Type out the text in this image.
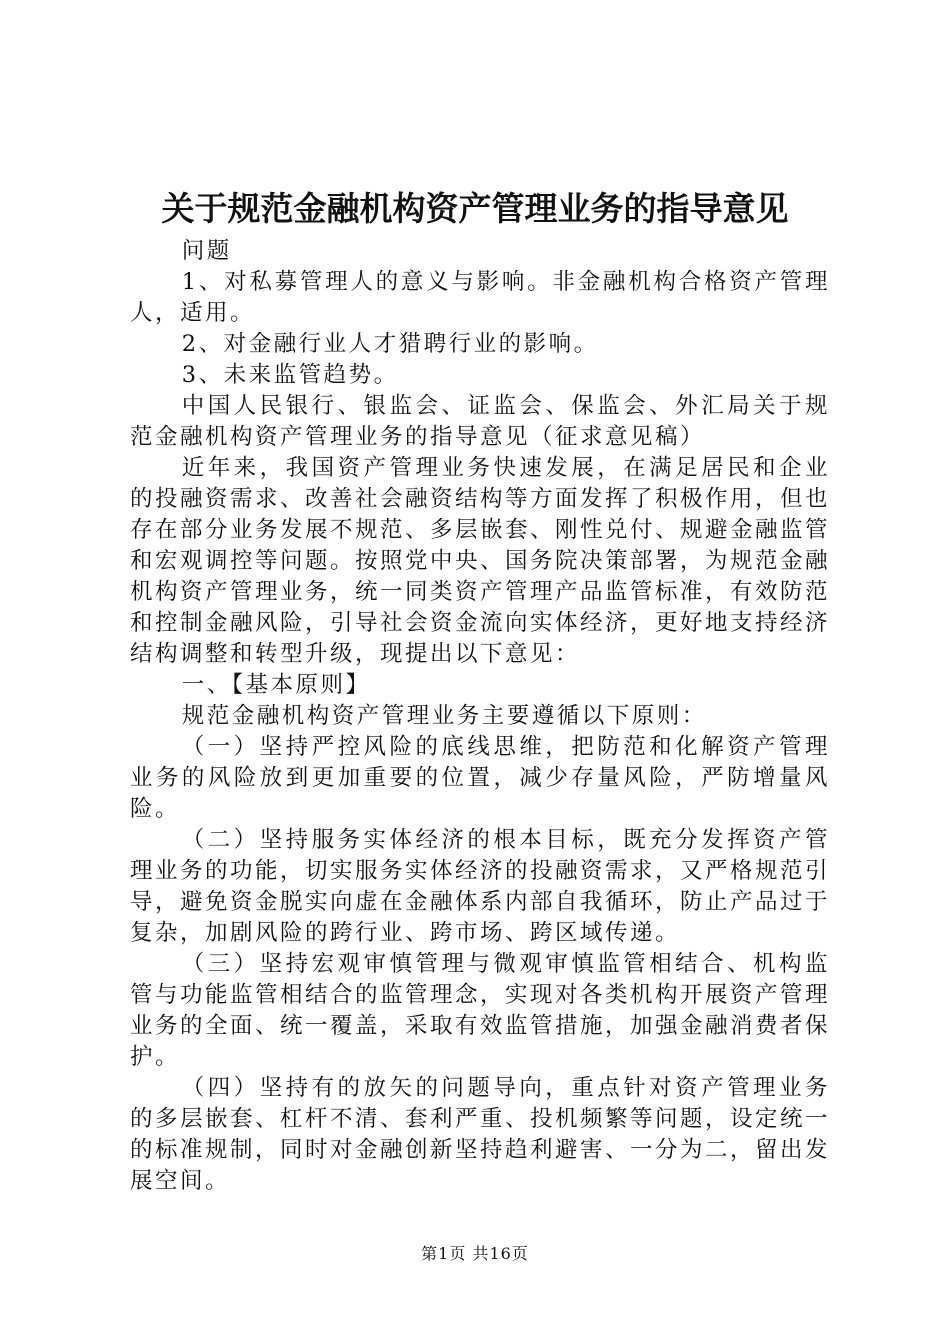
关于规范金融机构资产管理业务的指导意见

问题

1、对私募管理人的意义与影响。非金融机构合格资产管理人，适用。

2、对金融行业人才猎聘行业的影响。

3、未来监管趋势。

中国人民银行、银监会、证监会、保监会、外汇局关于规范金融机构资产管理业务的指导意见（征求意见稿）

近年来，我国资产管理业务快速发展，在满足居民和企业的投融资需求、改善社会融资结构等方面发挥了积极作用，但也存在部分业务发展不规范、多层嵌套、刚性兑付、规避金融监管和宏观调控等问题。按照党中央、国务院决策部署，为规范金融机构资产管理业务，统一同类资产管理产品监管标准，有效防范和控制金融风险，引导社会资金流向实体经济，更好地支持经济结构调整和转型升级，现提出以下意见：

一、【基本原则】

规范金融机构资产管理业务主要遵循以下原则：

（一）坚持严控风险的底线思维，把防范和化解资产管理业务的风险放到更加重要的位置，减少存量风险，严防增量风险。

（二）坚持服务实体经济的根本目标，既充分发挥资产管理业务的功能，切实服务实体经济的投融资需求，又严格规范引导，避免资金脱实向虚在金融体系内部自我循环，防止产品过于复杂，加剧风险的跨行业、跨市场、跨区域传递。

（三）坚持宏观审慎管理与微观审慎监管相结合、机构监管与功能监管相结合的监管理念，实现对各类机构开展资产管理业务的全面、统一覆盖，采取有效监管措施，加强金融消费者保护。

（四）坚持有的放矢的问题导向，重点针对资产管理业务的多层嵌套、杠杆不清、套利严重、投机频繁等问题，设定统一的标准规制，同时对金融创新坚持趋利避害、一分为二，留出发展空间。

第1页 共16页
